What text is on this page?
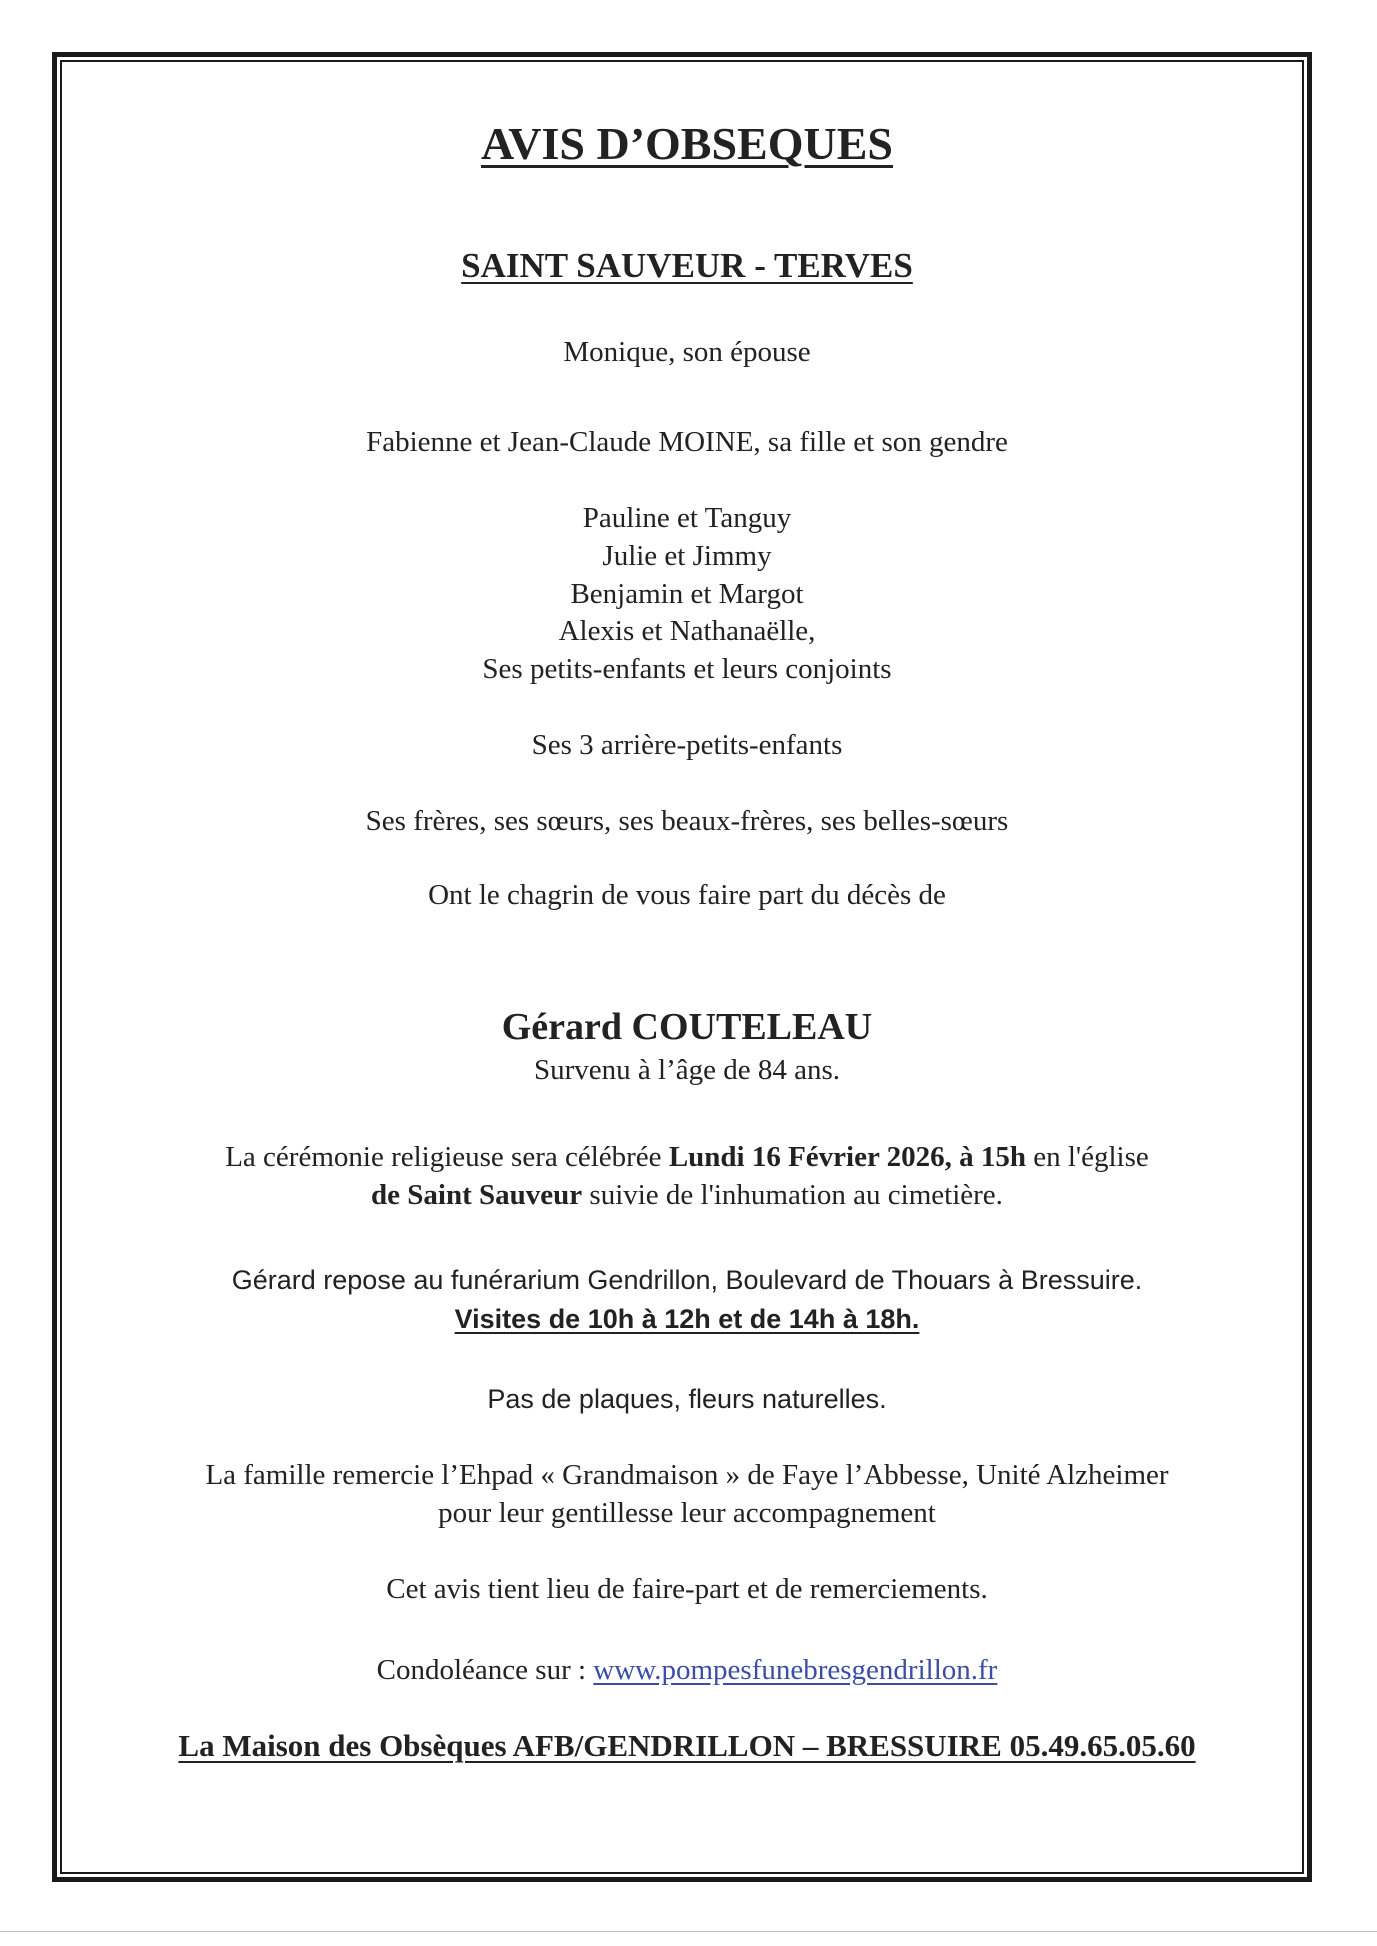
AVIS D’OBSEQUES
SAINT SAUVEUR - TERVES
Monique, son épouse
Fabienne et Jean-Claude MOINE, sa fille et son gendre
Pauline et Tanguy
Julie et Jimmy
Benjamin et Margot
Alexis et Nathanaëlle,
Ses petits-enfants et leurs conjoints
Ses 3 arrière-petits-enfants
Ses frères, ses sœurs, ses beaux-frères, ses belles-sœurs
Ont le chagrin de vous faire part du décès de
Gérard COUTELEAU
Survenu à l’âge de 84 ans.
La cérémonie religieuse sera célébrée Lundi 16 Février 2026, à 15h en l'église
de Saint Sauveur suivie de l'inhumation au cimetière.
Gérard repose au funérarium Gendrillon, Boulevard de Thouars à Bressuire.
Visites de 10h à 12h et de 14h à 18h.
Pas de plaques, fleurs naturelles.
La famille remercie l’Ehpad « Grandmaison » de Faye l’Abbesse, Unité Alzheimer
pour leur gentillesse leur accompagnement
Cet avis tient lieu de faire-part et de remerciements.
Condoléance sur : www.pompesfunebresgendrillon.fr
La Maison des Obsèques AFB/GENDRILLON – BRESSUIRE 05.49.65.05.60
